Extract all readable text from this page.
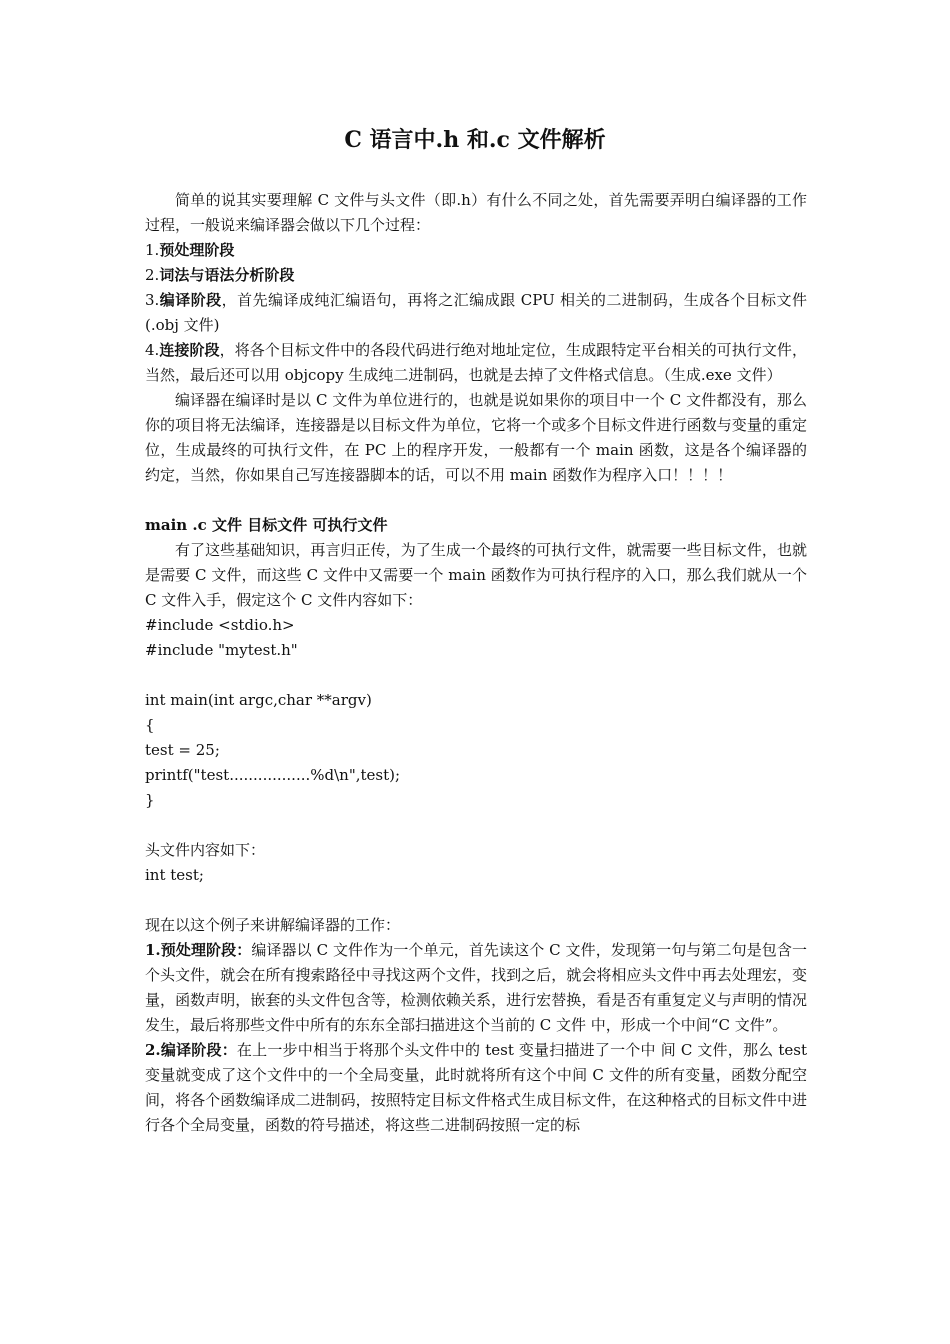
C 语言中.h 和.c 文件解析

简单的说其实要理解 C 文件与头文件（即.h）有什么不同之处，首先需要弄明白编译器的工作过程，一般说来编译器会做以下几个过程：

1.预处理阶段

2.词法与语法分析阶段

3.编译阶段，首先编译成纯汇编语句，再将之汇编成跟 CPU 相关的二进制码，生成各个目标文件 (.obj 文件)

4.连接阶段，将各个目标文件中的各段代码进行绝对地址定位，生成跟特定平台相关的可执行文件，当然，最后还可以用 objcopy 生成纯二进制码，也就是去掉了文件格式信息。（生成.exe 文件）

编译器在编译时是以 C 文件为单位进行的，也就是说如果你的项目中一个 C 文件都没有，那么你的项目将无法编译，连接器是以目标文件为单位，它将一个或多个目标文件进行函数与变量的重定位，生成最终的可执行文件，在 PC 上的程序开发，一般都有一个 main 函数，这是各个编译器的约定，当然，你如果自己写连接器脚本的话，可以不用 main 函数作为程序入口！！！！

main .c 文件 目标文件 可执行文件

有了这些基础知识，再言归正传，为了生成一个最终的可执行文件，就需要一些目标文件，也就是需要 C 文件，而这些 C 文件中又需要一个 main 函数作为可执行程序的入口，那么我们就从一个 C 文件入手，假定这个 C 文件内容如下：

#include <stdio.h>
#include "mytest.h"
int main(int argc,char **argv)
{
test = 25;
printf("test.................%d\n",test);
}

头文件内容如下：

int test;

现在以这个例子来讲解编译器的工作：

1.预处理阶段：编译器以 C 文件作为一个单元，首先读这个 C 文件，发现第一句与第二句是包含一个头文件，就会在所有搜索路径中寻找这两个文件，找到之后，就会将相应头文件中再去处理宏，变量，函数声明，嵌套的头文件包含等，检测依赖关系，进行宏替换，看是否有重复定义与声明的情况发生，最后将那些文件中所有的东东全部扫描进这个当前的 C 文件 中，形成一个中间“C 文件”。

2.编译阶段：在上一步中相当于将那个头文件中的 test 变量扫描进了一个中 间 C 文件，那么 test 变量就变成了这个文件中的一个全局变量，此时就将所有这个中间 C 文件的所有变量，函数分配空间，将各个函数编译成二进制码，按照特定目标文件格式生成目标文件，在这种格式的目标文件中进行各个全局变量，函数的符号描述，将这些二进制码按照一定的标
